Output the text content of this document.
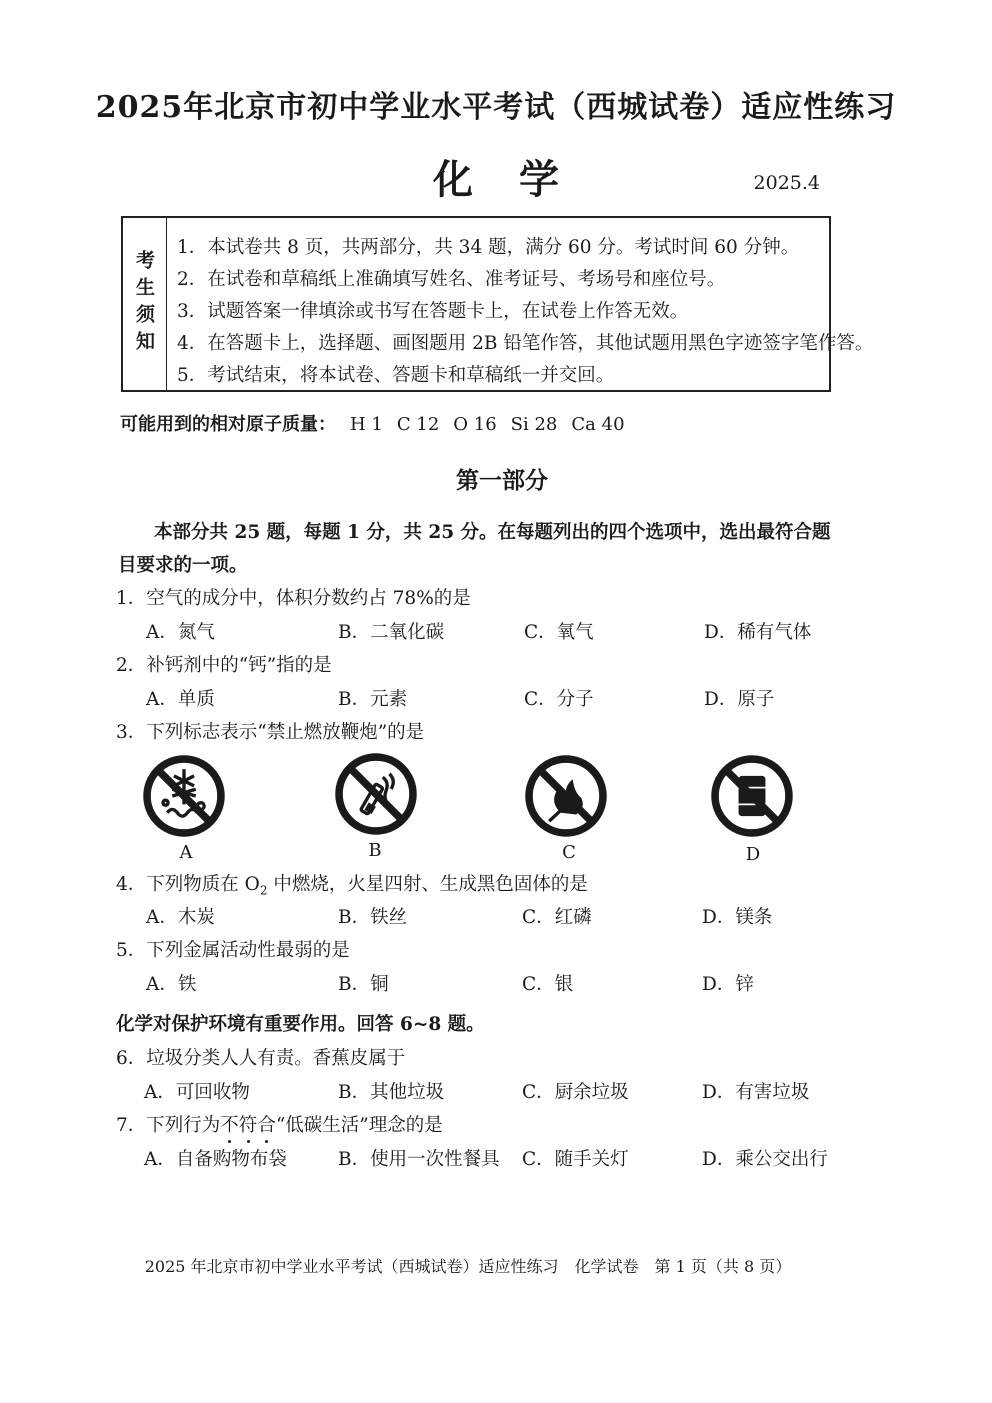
2025年北京市初中学业水平考试（西城试卷）适应性练习
化学	2025.4
考生须知
1．本试卷共 8 页，共两部分，共 34 题，满分 60 分。考试时间 60 分钟。
2．在试卷和草稿纸上准确填写姓名、准考证号、考场号和座位号。
3．试题答案一律填涂或书写在答题卡上，在试卷上作答无效。
4．在答题卡上，选择题、画图题用 2B 铅笔作答，其他试题用黑色字迹签字笔作答。
5．考试结束，将本试卷、答题卡和草稿纸一并交回。
可能用到的相对原子质量： H 1 C 12 O 16 Si 28 Ca 40
第一部分
本部分共 25 题，每题 1 分，共 25 分。在每题列出的四个选项中，选出最符合题目要求的一项。
1．空气的成分中，体积分数约占 78%的是
A．氮气	B．二氧化碳	C．氧气	D．稀有气体
2．补钙剂中的“钙”指的是
A．单质	B．元素	C．分子	D．原子
3．下列标志表示“禁止燃放鞭炮”的是
A	B	C	D
4．下列物质在 $O_2$ 中燃烧，火星四射、生成黑色固体的是
A．木炭	B．铁丝	C．红磷	D．镁条
5．下列金属活动性最弱的是
A．铁	B．铜	C．银	D．锌
化学对保护环境有重要作用。回答 6~8 题。
6．垃圾分类人人有责。香蕉皮属于
A．可回收物	B．其他垃圾	C．厨余垃圾	D．有害垃圾
7．下列行为不符合“低碳生活”理念的是
A．自备购物布袋	B．使用一次性餐具 C．随手关灯	D．乘公交出行
2025 年北京市初中学业水平考试（西城试卷）适应性练习　化学试卷　第 1 页（共 8 页）
